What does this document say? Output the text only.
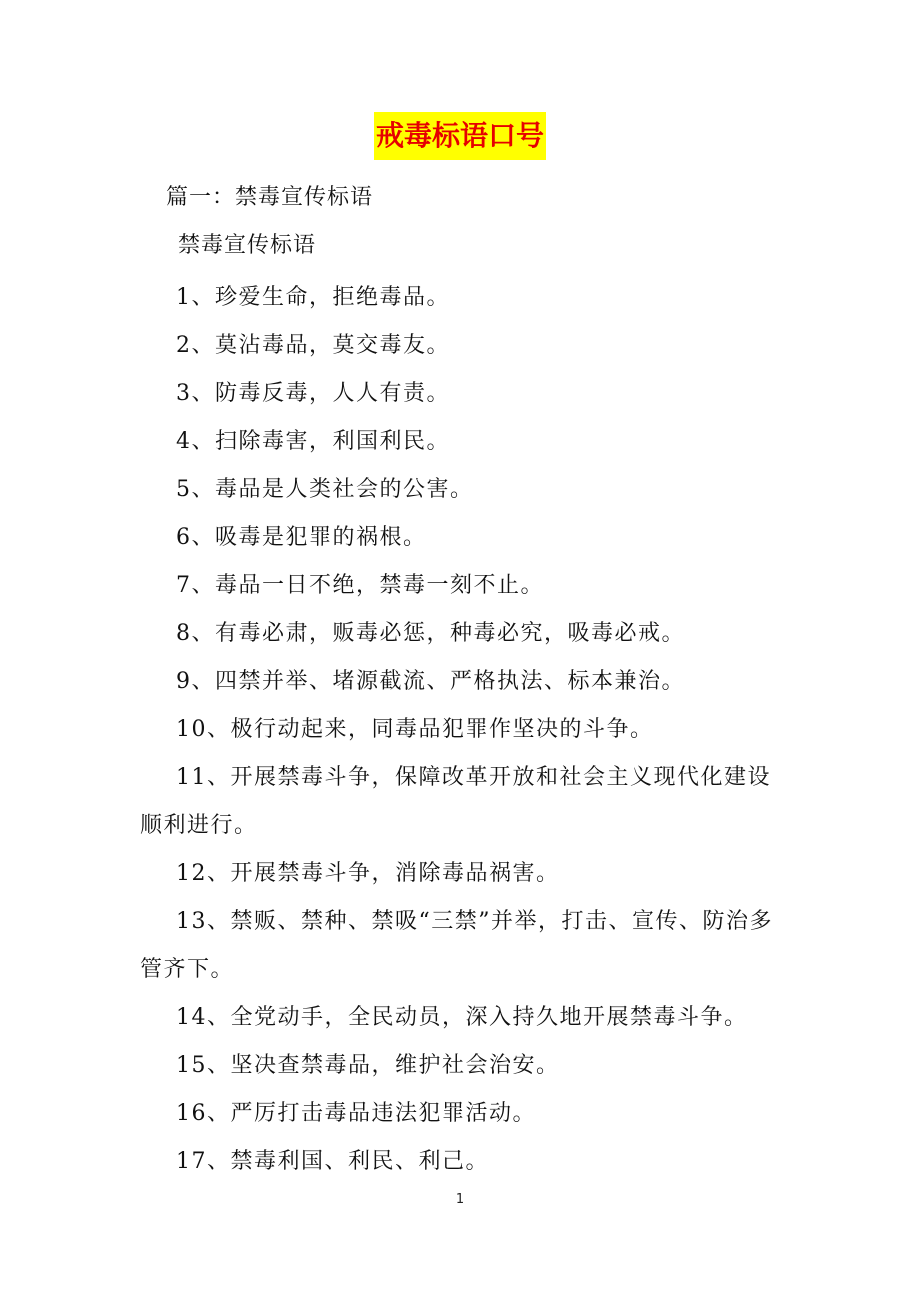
戒毒标语口号
篇一：禁毒宣传标语
禁毒宣传标语
1、珍爱生命，拒绝毒品。
2、莫沾毒品，莫交毒友。
3、防毒反毒，人人有责。
4、扫除毒害，利国利民。
5、毒品是人类社会的公害。
6、吸毒是犯罪的祸根。
7、毒品一日不绝，禁毒一刻不止。
8、有毒必肃，贩毒必惩，种毒必究，吸毒必戒。
9、四禁并举、堵源截流、严格执法、标本兼治。
10、极行动起来，同毒品犯罪作坚决的斗争。
11、开展禁毒斗争，保障改革开放和社会主义现代化建设顺利进行。
12、开展禁毒斗争，消除毒品祸害。
13、禁贩、禁种、禁吸“三禁”并举，打击、宣传、防治多管齐下。
14、全党动手，全民动员，深入持久地开展禁毒斗争。
15、坚决查禁毒品，维护社会治安。
16、严厉打击毒品违法犯罪活动。
17、禁毒利国、利民、利己。
1
